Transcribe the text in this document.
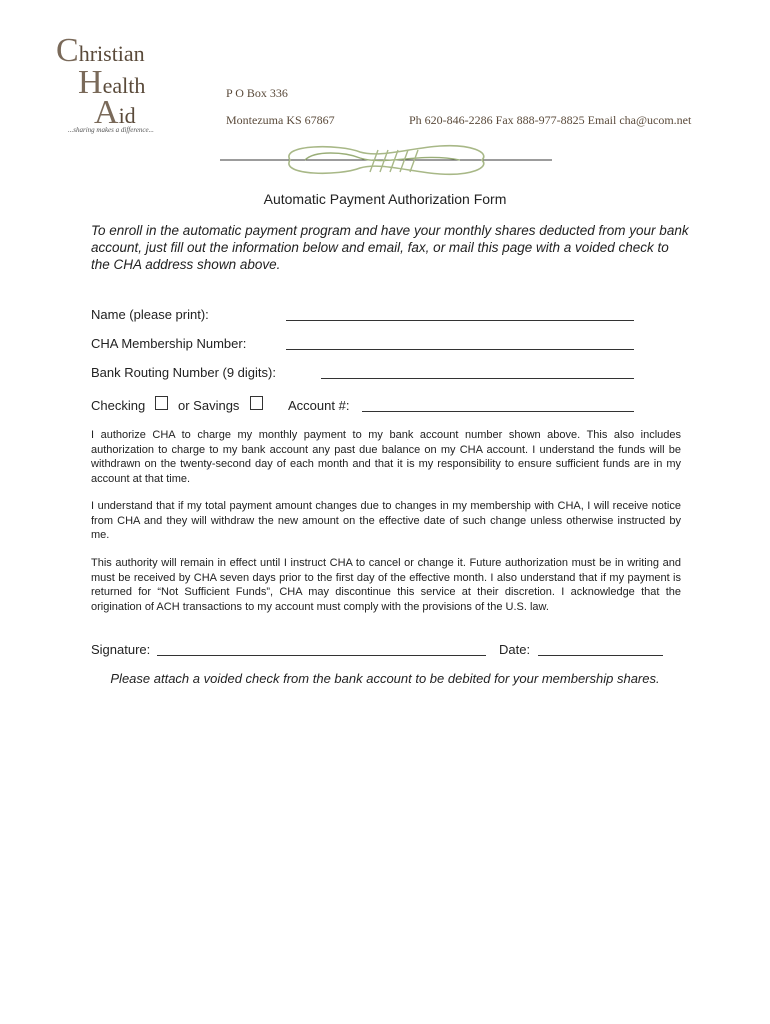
Christian
Health
Aid
...sharing makes a difference...
P O Box 336
Montezuma KS 67867	Ph 620-846-2286 Fax 888-977-8825 Email cha@ucom.net
Automatic Payment Authorization Form
To enroll in the automatic payment program and have your monthly shares deducted from your bank account, just fill out the information below and email, fax, or mail this page with a voided check to the CHA address shown above.
Name (please print):
CHA Membership Number:
Bank Routing Number (9 digits):
Checking	or Savings	Account #:
I authorize CHA to charge my monthly payment to my bank account number shown above. This also includes authorization to charge to my bank account any past due balance on my CHA account. I understand the funds will be withdrawn on the twenty-second day of each month and that it is my responsibility to ensure sufficient funds are in my account at that time.
I understand that if my total payment amount changes due to changes in my membership with CHA, I will receive notice from CHA and they will withdraw the new amount on the effective date of such change unless otherwise instructed by me.
This authority will remain in effect until I instruct CHA to cancel or change it. Future authorization must be in writing and must be received by CHA seven days prior to the first day of the effective month. I also understand that if my payment is returned for “Not Sufficient Funds”, CHA may discontinue this service at their discretion. I acknowledge that the origination of ACH transactions to my account must comply with the provisions of the U.S. law.
Signature:	Date:
Please attach a voided check from the bank account to be debited for your membership shares.
